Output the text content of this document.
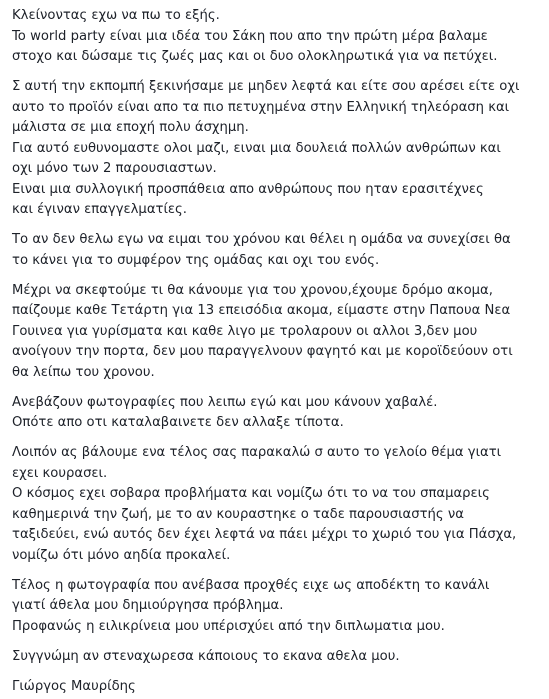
Κλείνοντας εχω να πω το εξής.
To world party είναι μια ιδέα του Σάκη που απο την πρώτη μέρα βαλαμε
στοχο και δώσαμε τις ζωές μας και οι δυο ολοκληρωτικά για να πετύχει.
Σ αυτή την εκπομπή ξεκινήσαμε με μηδεν λεφτά και είτε σου αρέσει είτε οχι
αυτο το προϊόν είναι απο τα πιο πετυχημένα στην Ελληνική τηλεόραση και
μάλιστα σε μια εποχή πολυ άσχημη.
Για αυτό ευθυνομαστε ολοι μαζι, ειναι μια δουλειά πολλών ανθρώπων και
οχι μόνο των 2 παρουσιαστων.
Ειναι μια συλλογική προσπάθεια απο ανθρώπους που ηταν ερασιτέχνες
και έγιναν επαγγελματίες.
Το αν δεν θελω εγω να ειμαι του χρόνου και θέλει η ομάδα να συνεχίσει θα
το κάνει για το συμφέρον της ομάδας και οχι του ενός.
Μέχρι να σκεφτούμε τι θα κάνουμε για του χρονου,έχουμε δρόμο ακομα,
παίζουμε καθε Τετάρτη για 13 επεισόδια ακομα, είμαστε στην Παπουα Νεα
Γουινεα για γυρίσματα και καθε λιγο με τρολαρουν οι αλλοι 3,δεν μου
ανοίγουν την πορτα, δεν μου παραγγελνουν φαγητό και με κοροϊδεύουν οτι
θα λείπω του χρονου.
Ανεβάζουν φωτογραφίες που λειπω εγώ και μου κάνουν χαβαλέ.
Οπότε απο οτι καταλαβαινετε δεν αλλαξε τίποτα.
Λοιπόν ας βάλουμε ενα τέλος σας παρακαλώ σ αυτο το γελοίο θέμα γιατι
εχει κουρασει.
Ο κόσμος εχει σοβαρα προβλήματα και νομίζω ότι το να του σπαμαρεις
καθημερινά την ζωή, με το αν κουραστηκε ο ταδε παρουσιαστής να
ταξιδεύει, ενώ αυτός δεν έχει λεφτά να πάει μέχρι το χωριό του για Πάσχα,
νομίζω ότι μόνο αηδία προκαλεί.
Τέλος η φωτογραφία που ανέβασα προχθές ειχε ως αποδέκτη το κανάλι
γιατί άθελα μου δημιούργησα πρόβλημα.
Προφανώς η ειλικρίνεια μου υπέρισχύει από την διπλωματια μου.
Συγγνώμη αν στεναχωρεσα κάποιους το εκανα αθελα μου.
Γιώργος Μαυρίδης
